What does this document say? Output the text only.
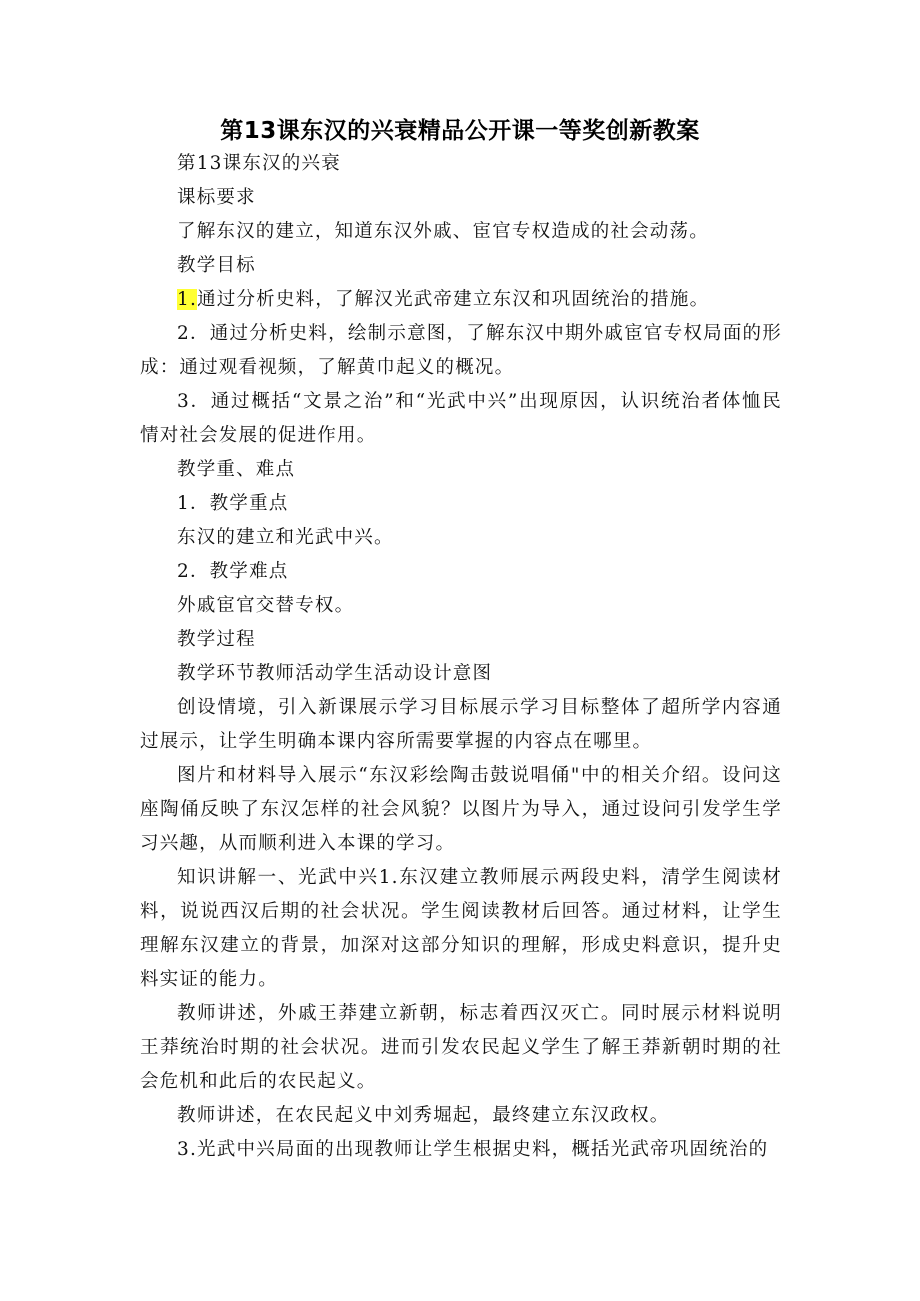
第13课东汉的兴衰精品公开课一等奖创新教案

第13课东汉的兴衰

课标要求

了解东汉的建立，知道东汉外戚、宦官专权造成的社会动荡。

教学目标

1.通过分析史料，了解汉光武帝建立东汉和巩固统治的措施。

2．通过分析史料，绘制示意图，了解东汉中期外戚宦官专权局面的形成：通过观看视频，了解黄巾起义的概况。

3．通过概括“文景之治”和“光武中兴”出现原因，认识统治者体恤民情对社会发展的促进作用。

教学重、难点

1．教学重点

东汉的建立和光武中兴。

2．教学难点

外戚宦官交替专权。

教学过程

教学环节教师活动学生活动设计意图

创设情境，引入新课展示学习目标展示学习目标整体了超所学内容通过展示，让学生明确本课内容所需要掌握的内容点在哪里。

图片和材料导入展示“东汉彩绘陶击鼓说唱俑"中的相关介绍。设问这座陶俑反映了东汉怎样的社会风貌？以图片为导入，通过设问引发学生学习兴趣，从而顺利进入本课的学习。

知识讲解一、光武中兴1.东汉建立教师展示两段史料，清学生阅读材料，说说西汉后期的社会状况。学生阅读教材后回答。通过材料，让学生理解东汉建立的背景，加深对这部分知识的理解，形成史料意识，提升史料实证的能力。

教师讲述，外戚王莽建立新朝，标志着西汉灭亡。同时展示材料说明王莽统治时期的社会状况。进而引发农民起义学生了解王莽新朝时期的社会危机和此后的农民起义。

教师讲述，在农民起义中刘秀堀起，最终建立东汉政权。

3.光武中兴局面的出现教师让学生根据史料，概括光武帝巩固统治的
